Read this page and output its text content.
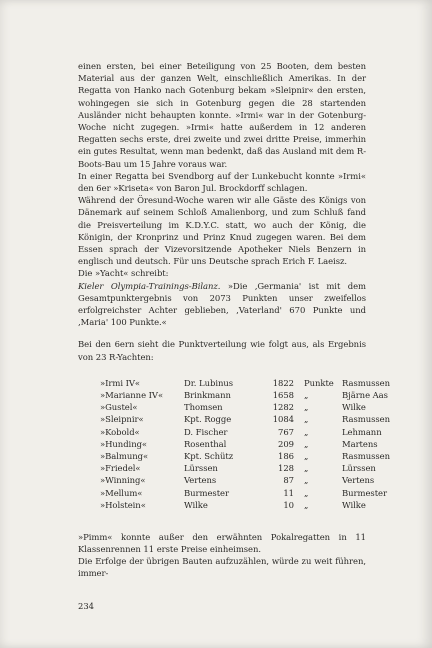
einen ersten, bei einer Beteiligung von 25 Booten, dem besten Material aus der ganzen Welt, einschließlich Amerikas. In der Regatta von Hanko nach Gotenburg bekam »Sleipnir« den ersten, wohingegen sie sich in Gotenburg gegen die 28 startenden Ausländer nicht behaupten konnte. »Irmi« war in der Gotenburg-Woche nicht zugegen. »Irmi« hatte außerdem in 12 anderen Regatten sechs erste, drei zweite und zwei dritte Preise, immerhin ein gutes Resultat, wenn man bedenkt, daß das Ausland mit dem R-Boots-Bau um 15 Jahre voraus war.

In einer Regatta bei Svendborg auf der Lunkebucht konnte »Irmi« den 6er »Kriseta« von Baron Jul. Brockdorff schlagen.

Während der Öresund-Woche waren wir alle Gäste des Königs von Dänemark auf seinem Schloß Amalienborg, und zum Schluß fand die Preisverteilung im K.D.Y.C. statt, wo auch der König, die Königin, der Kronprinz und Prinz Knud zugegen waren. Bei dem Essen sprach der Vizevorsitzende Apotheker Niels Benzern in englisch und deutsch. Für uns Deutsche sprach Erich F. Laeisz.

Die »Yacht« schreibt:

Kieler Olympia-Trainings-Bilanz. »Die ‚Germania' ist mit dem Gesamtpunktergebnis von 2073 Punkten unser zweifellos erfolgreichster Achter geblieben, ‚Vaterland' 670 Punkte und ‚Maria' 100 Punkte.«

Bei den 6ern sieht die Punktverteilung wie folgt aus, als Ergebnis von 23 R-Yachten:

»Irmi IV«	Dr. Lubinus	1822 Punkte Rasmussen
»Marianne IV« Brinkmann	1658 „	Bjärne Aas
»Gustel«	Thomsen	1282 „	Wilke
»Sleipnir«	Kpt. Rogge	1084 „	Rasmussen
»Kobold«	D. Fischer	767 „	Lehmann
»Hunding«	Rosenthal	209 „	Martens
»Balmung«	Kpt. Schütz	186 „	Rasmussen
»Friedel«	Lürssen	128 „	Lürssen
»Winning«	Vertens	87 „	Vertens
»Mellum«	Burmester	11 „	Burmester
»Holstein«	Wilke	10 „	Wilke

»Pimm« konnte außer den erwähnten Pokalregatten in 11 Klassenrennen 11 erste Preise einheimsen.

Die Erfolge der übrigen Bauten aufzuzählen, würde zu weit führen, immer-

234
